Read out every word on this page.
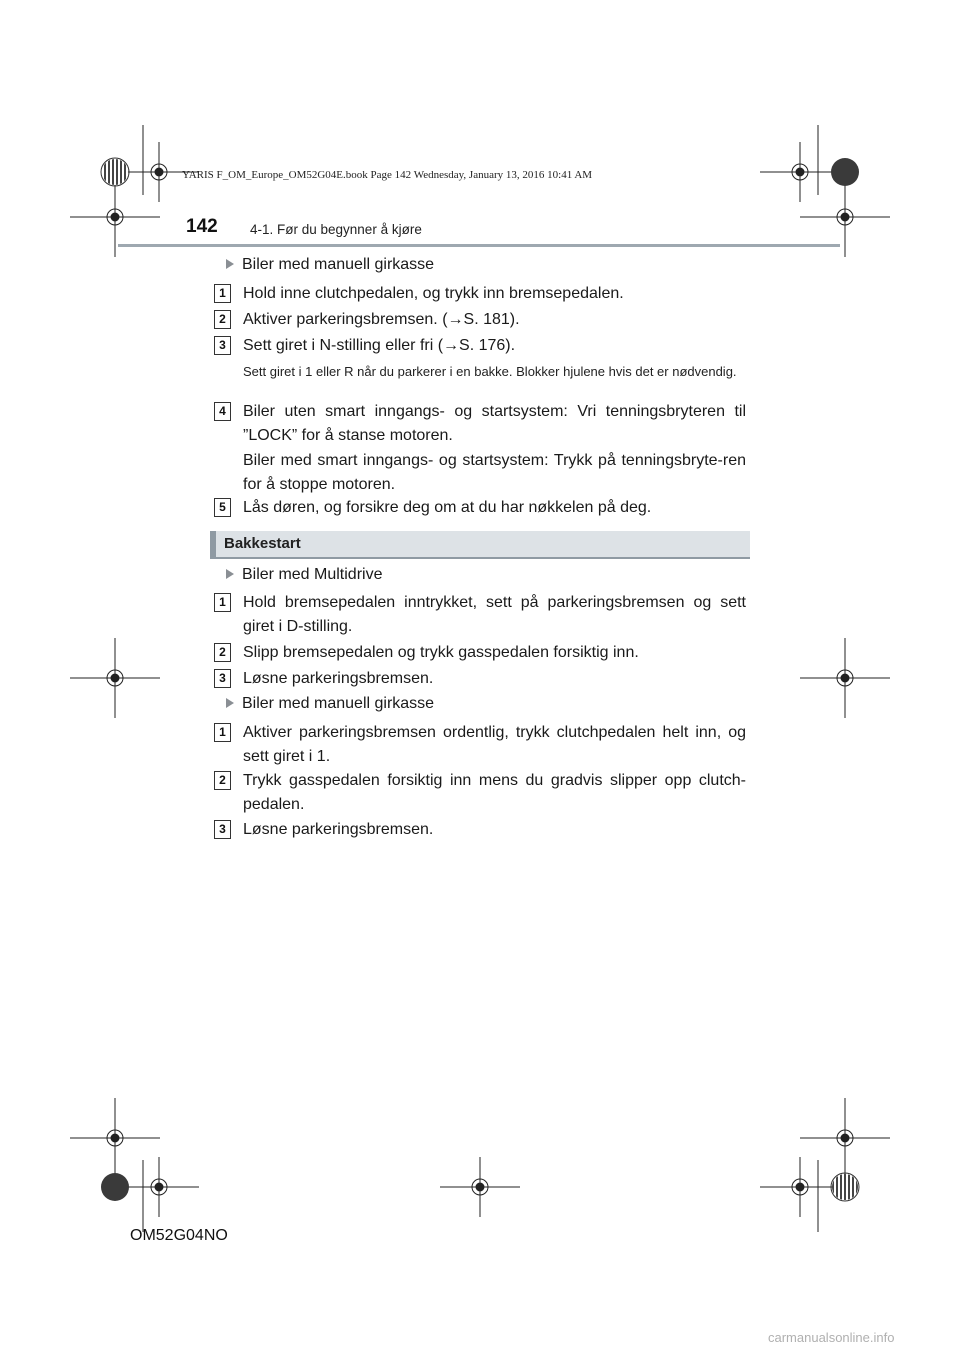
YARIS F_OM_Europe_OM52G04E.book Page 142 Wednesday, January 13, 2016 10:41 AM
142 4-1. Før du begynner å kjøre
Biler med manuell girkasse
1	Hold inne clutchpedalen, og trykk inn bremsepedalen.
2	Aktiver parkeringsbremsen. (→S. 181).
3	Sett giret i N-stilling eller fri (→S. 176).
Sett giret i 1 eller R når du parkerer i en bakke. Blokker hjulene hvis det er nødvendig.
4	Biler uten smart inngangs- og startsystem: Vri tenningsbryteren til ”LOCK” for å stanse motoren.
Biler med smart inngangs- og startsystem: Trykk på tenningsbryte-ren for å stoppe motoren.
5	Lås døren, og forsikre deg om at du har nøkkelen på deg.
Bakkestart
Biler med Multidrive
1	Hold bremsepedalen inntrykket, sett på parkeringsbremsen og sett giret i D-stilling.
2	Slipp bremsepedalen og trykk gasspedalen forsiktig inn.
3	Løsne parkeringsbremsen.
Biler med manuell girkasse
1	Aktiver parkeringsbremsen ordentlig, trykk clutchpedalen helt inn, og sett giret i 1.
2	Trykk gasspedalen forsiktig inn mens du gradvis slipper opp clutch-pedalen.
3	Løsne parkeringsbremsen.
OM52G04NO
carmanualsonline.info
